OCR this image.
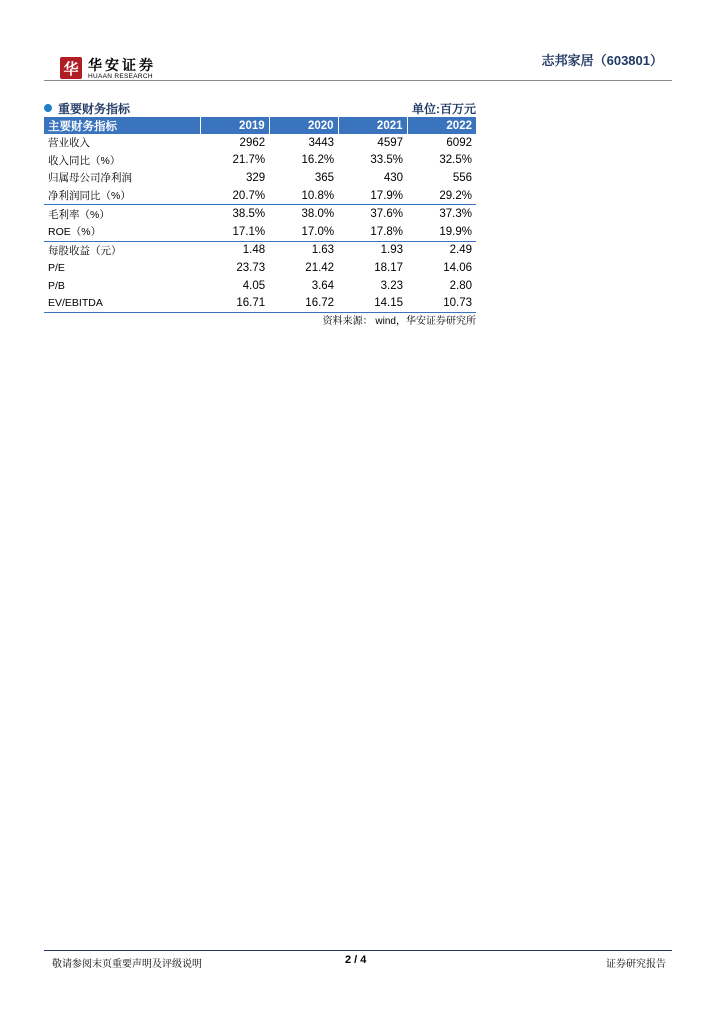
华 华安证券
HUAAN RESEARCH
志邦家居（603801）
重要财务指标	单位:百万元
主要财务指标	2019	2020	2021	2022
营业收入	2962	3443	4597	6092
收入同比（%）	21.7%	16.2%	33.5%	32.5%
归属母公司净利润	329	365	430	556
净利润同比（%）	20.7%	10.8%	17.9%	29.2%
毛利率（%）	38.5%	38.0%	37.6%	37.3%
ROE（%）	17.1%	17.0%	17.8%	19.9%
每股收益（元）	1.48	1.63	1.93	2.49
P/E	23.73	21.42	18.17	14.06
P/B	4.05	3.64	3.23	2.80
EV/EBITDA	16.71	16.72	14.15	10.73
资料来源： wind，华安证券研究所
敬请参阅末页重要声明及评级说明	2 / 4	证券研究报告
